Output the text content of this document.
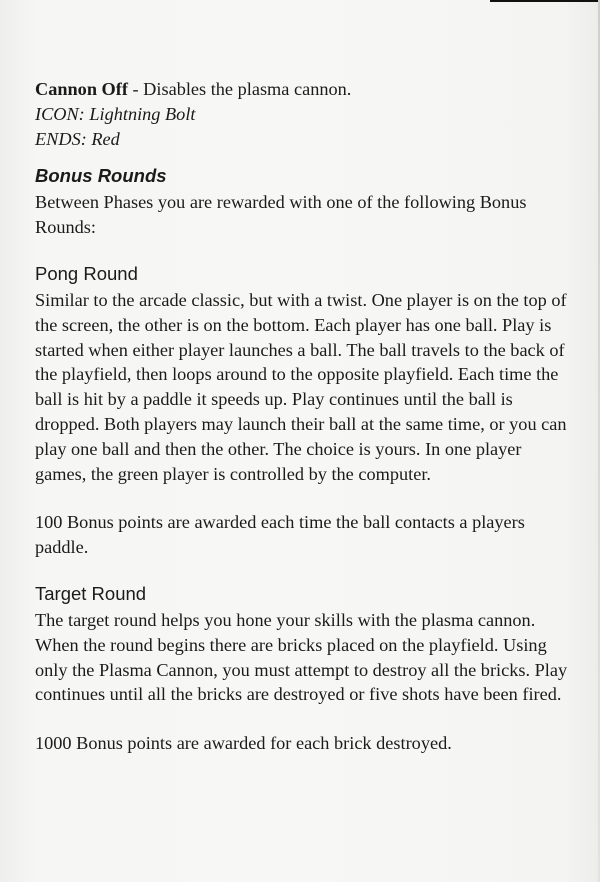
Cannon Off - Disables the plasma cannon.

ICON: Lightning Bolt

ENDS: Red

Bonus Rounds

Between Phases you are rewarded with one of the following Bonus Rounds:

Pong Round

Similar to the arcade classic, but with a twist. One player is on the top of the screen, the other is on the bottom. Each player has one ball. Play is started when either player launches a ball. The ball travels to the back of the playfield, then loops around to the opposite playfield. Each time the ball is hit by a paddle it speeds up. Play continues until the ball is dropped. Both players may launch their ball at the same time, or you can play one ball and then the other. The choice is yours. In one player games, the green player is controlled by the computer.

100 Bonus points are awarded each time the ball contacts a players paddle.

Target Round

The target round helps you hone your skills with the plasma cannon. When the round begins there are bricks placed on the playfield. Using only the Plasma Cannon, you must attempt to destroy all the bricks. Play continues until all the bricks are destroyed or five shots have been fired.

1000 Bonus points are awarded for each brick destroyed.
